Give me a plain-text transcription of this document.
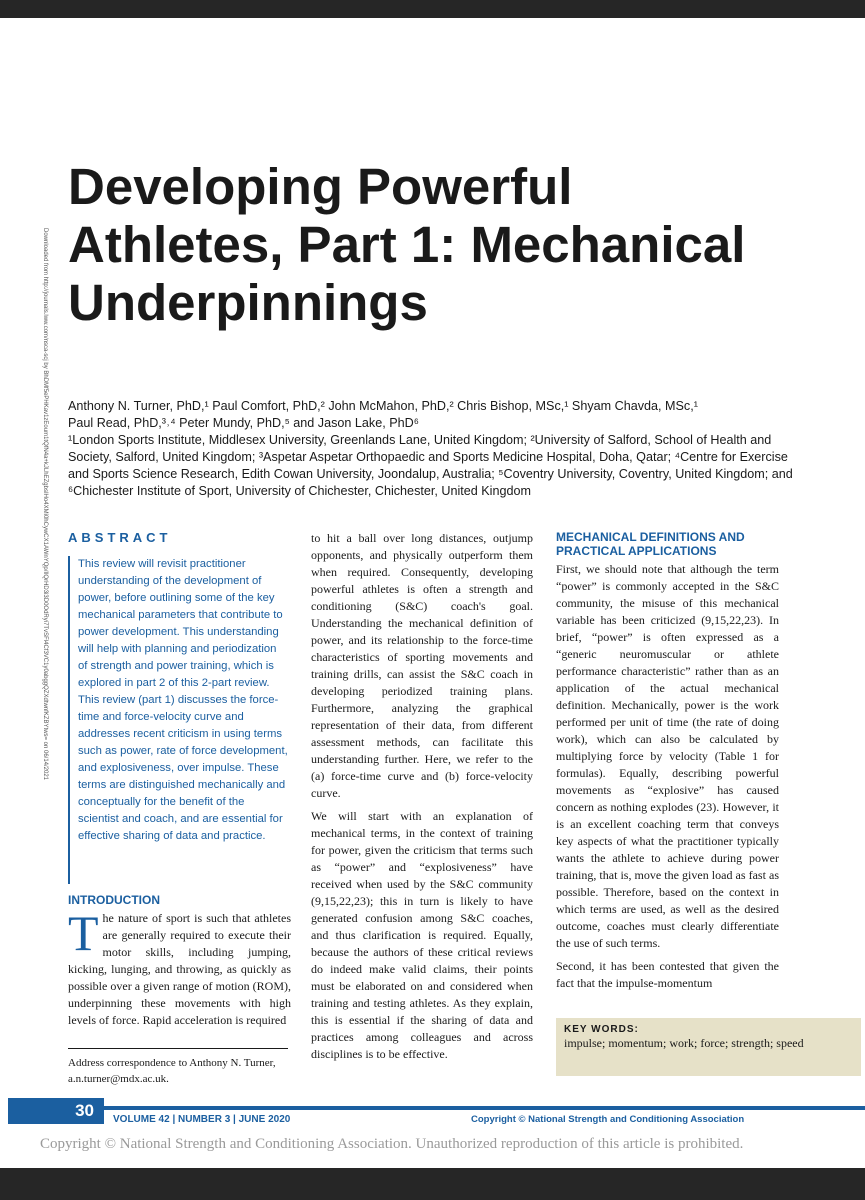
Downloaded from http://journals.lww.com/nsca-scj by BhDMf5ePHKav1zEoum1tQfN4a+kJLhEZgbsIHo4XMi0hCywCX1AWnYQp/IlQrHD3i3D0OdRyi7TvSFl4Cf3VC1y0abggQZXdtwnfKZBYtws= on 06/14/2021
Developing Powerful Athletes, Part 1: Mechanical Underpinnings
Anthony N. Turner, PhD,¹ Paul Comfort, PhD,² John McMahon, PhD,² Chris Bishop, MSc,¹ Shyam Chavda, MSc,¹
Paul Read, PhD,³˒⁴ Peter Mundy, PhD,⁵ and Jason Lake, PhD⁶
¹London Sports Institute, Middlesex University, Greenlands Lane, United Kingdom; ²University of Salford, School of Health and Society, Salford, United Kingdom; ³Aspetar Aspetar Orthopaedic and Sports Medicine Hospital, Doha, Qatar; ⁴Centre for Exercise and Sports Science Research, Edith Cowan University, Joondalup, Australia; ⁵Coventry University, Coventry, United Kingdom; and ⁶Chichester Institute of Sport, University of Chichester, Chichester, United Kingdom
ABSTRACT
This review will revisit practitioner understanding of the development of power, before outlining some of the key mechanical parameters that contribute to power development. This understanding will help with planning and periodization of strength and power training, which is explored in part 2 of this 2-part review. This review (part 1) discusses the force-time and force-velocity curve and addresses recent criticism in using terms such as power, rate of force development, and explosiveness, over impulse. These terms are distinguished mechanically and conceptually for the benefit of the scientist and coach, and are essential for effective sharing of data and practice.
INTRODUCTION
The nature of sport is such that athletes are generally required to execute their motor skills, including jumping, kicking, lunging, and throwing, as quickly as possible over a given range of motion (ROM), underpinning these movements with high levels of force. Rapid acceleration is required
Address correspondence to Anthony N. Turner, a.n.turner@mdx.ac.uk.

to hit a ball over long distances, outjump opponents, and physically outperform them when required. Consequently, developing powerful athletes is often a strength and conditioning (S&C) coach's goal. Understanding the mechanical definition of power, and its relationship to the force-time characteristics of sporting movements and training drills, can assist the S&C coach in developing periodized training plans. Furthermore, analyzing the graphical representation of their data, from different assessment methods, can facilitate this understanding further. Here, we refer to the (a) force-time curve and (b) force-velocity curve.

We will start with an explanation of mechanical terms, in the context of training for power, given the criticism that terms such as “power” and “explosiveness” have received when used by the S&C community (9,15,22,23); this in turn is likely to have generated confusion among S&C coaches, and thus clarification is required. Equally, because the authors of these critical reviews do indeed make valid claims, their points must be elaborated on and considered when training and testing athletes. As they explain, this is essential if the sharing of data and practices among colleagues and across disciplines is to be effective.

MECHANICAL DEFINITIONS AND PRACTICAL APPLICATIONS

First, we should note that although the term “power” is commonly accepted in the S&C community, the misuse of this mechanical variable has been criticized (9,15,22,23). In brief, “power” is often expressed as a “generic neuromuscular or athlete performance characteristic” rather than as an application of the actual mechanical definition. Mechanically, power is the work performed per unit of time (the rate of doing work), which can also be calculated by multiplying force by velocity (Table 1 for formulas). Equally, describing powerful movements as “explosive” has caused concern as nothing explodes (23). However, it is an excellent coaching term that conveys key aspects of what the practitioner typically wants the athlete to achieve during power training, that is, move the given load as fast as possible. Therefore, based on the context in which terms are used, as well as the desired outcome, coaches must clearly differentiate the use of such terms.

Second, it has been contested that given the fact that the impulse-momentum

KEY WORDS:
impulse; momentum; work; force; strength; speed
30	VOLUME 42 | NUMBER 3 | JUNE 2020	Copyright © National Strength and Conditioning Association
Copyright © National Strength and Conditioning Association. Unauthorized reproduction of this article is prohibited.
